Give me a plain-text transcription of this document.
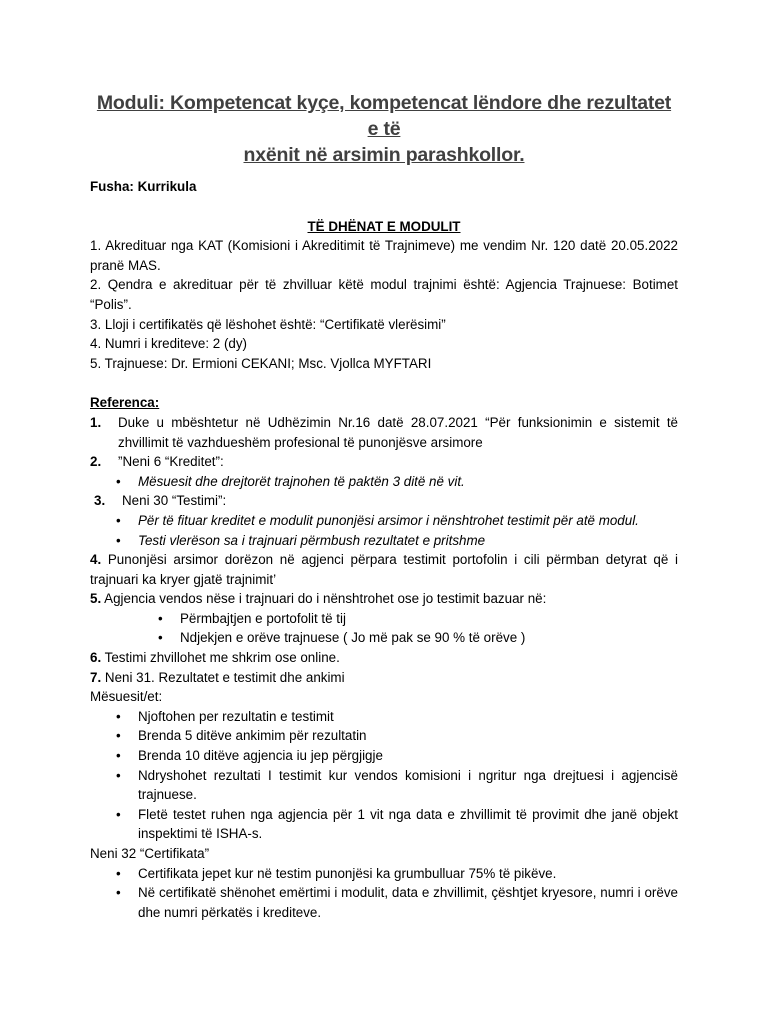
Moduli: Kompetencat kyçe, kompetencat lëndore dhe rezultatet e të
nxënit në arsimin parashkollor.

Fusha: Kurrikula

TË DHËNAT E MODULIT

1. Akredituar nga KAT (Komisioni i Akreditimit të Trajnimeve) me vendim Nr. 120 datë 20.05.2022 pranë MAS.

2. Qendra e akredituar për të zhvilluar këtë modul trajnimi është: Agjencia Trajnuese: Botimet “Polis”.

3. Lloji i certifikatës që lëshohet është: “Certifikatë vlerësimi”

4. Numri i krediteve: 2 (dy)

5. Trajnuese: Dr. Ermioni CEKANI; Msc. Vjollca MYFTARI

Referenca:

1.	Duke u mbështetur në Udhëzimin Nr.16 datë 28.07.2021 “Për funksionimin e sistemit të zhvillimit të vazhdueshëm profesional të punonjësve arsimore
2.	”Neni 6 “Kreditet”:
•	Mësuesit dhe drejtorët trajnohen të paktën 3 ditë në vit.
3.	Neni 30 “Testimi”:
•	Për të fituar kreditet e modulit punonjësi arsimor i nënshtrohet testimit për atë modul.
•	Testi vlerëson sa i trajnuari përmbush rezultatet e pritshme

4. Punonjësi arsimor dorëzon në agjenci përpara testimit portofolin i cili përmban detyrat që i trajnuari ka kryer gjatë trajnimit’

5. Agjencia vendos nëse i trajnuari do i nënshtrohet ose jo testimit bazuar në:

•	Përmbajtjen e portofolit të tij
•	Ndjekjen e orëve trajnuese ( Jo më pak se 90 % të orëve )

6. Testimi zhvillohet me shkrim ose online.

7. Neni 31. Rezultatet e testimit dhe ankimi

Mësuesit/et:

•	Njoftohen per rezultatin e testimit
•	Brenda 5 ditëve ankimim për rezultatin
•	Brenda 10 ditëve agjencia iu jep përgjigje
•	Ndryshohet rezultati I testimit kur vendos komisioni i ngritur nga drejtuesi i agjencisë trajnuese.
•	Fletë testet ruhen nga agjencia për 1 vit nga data e zhvillimit të provimit dhe janë objekt inspektimi të ISHA-s.

Neni 32 “Certifikata”

•	Certifikata jepet kur në testim punonjësi ka grumbulluar 75% të pikëve.
•	Në certifikatë shënohet emërtimi i modulit, data e zhvillimit, çështjet kryesore, numri i orëve dhe numri përkatës i krediteve.
